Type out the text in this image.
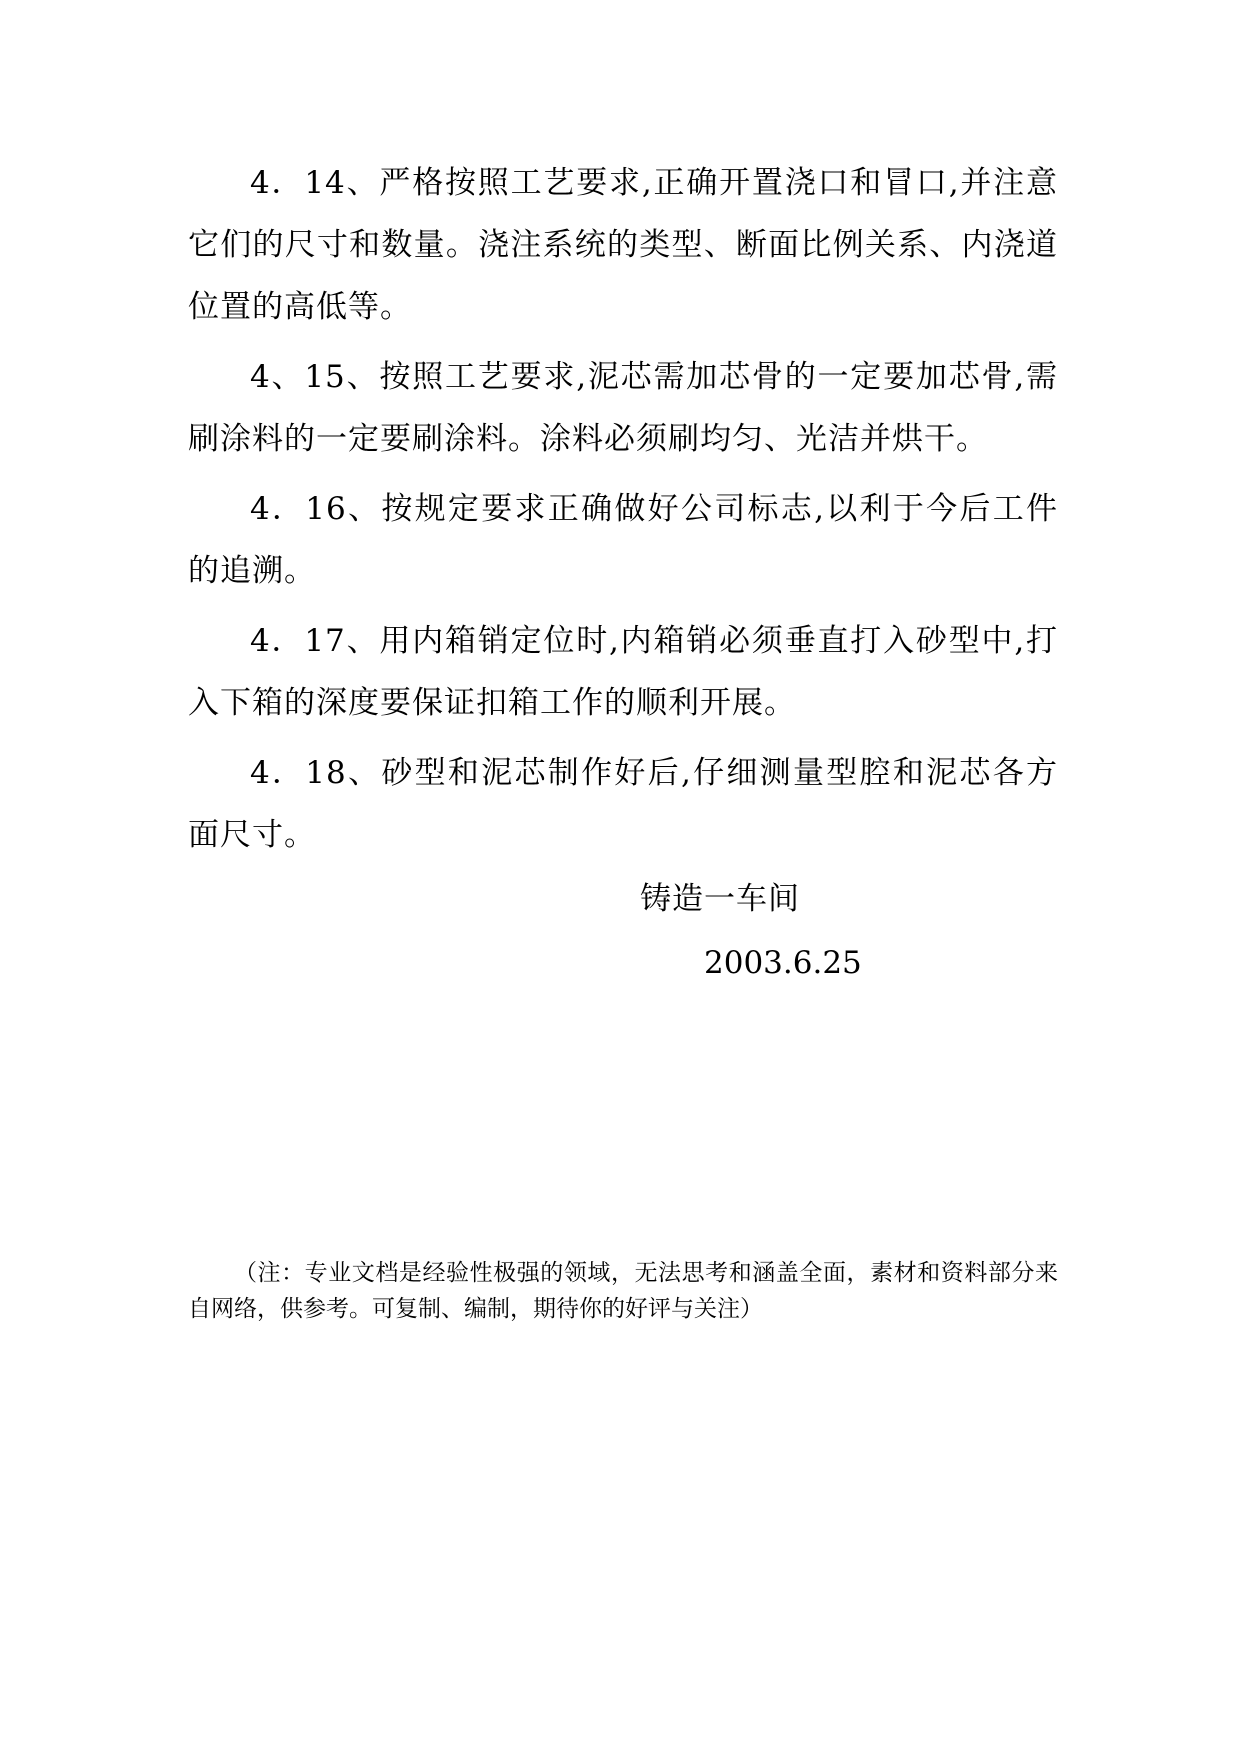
4．14、严格按照工艺要求,正确开置浇口和冒口,并注意它们的尺寸和数量。浇注系统的类型、断面比例关系、内浇道位置的高低等。

4、15、按照工艺要求,泥芯需加芯骨的一定要加芯骨,需刷涂料的一定要刷涂料。涂料必须刷均匀、光洁并烘干。

4．16、按规定要求正确做好公司标志,以利于今后工件的追溯。

4．17、用内箱销定位时,内箱销必须垂直打入砂型中,打入下箱的深度要保证扣箱工作的顺利开展。

4．18、砂型和泥芯制作好后,仔细测量型腔和泥芯各方面尺寸。

铸造一车间
2003.6.25
（注：专业文档是经验性极强的领域，无法思考和涵盖全面，素材和资料部分来自网络，供参考。可复制、编制，期待你的好评与关注）
